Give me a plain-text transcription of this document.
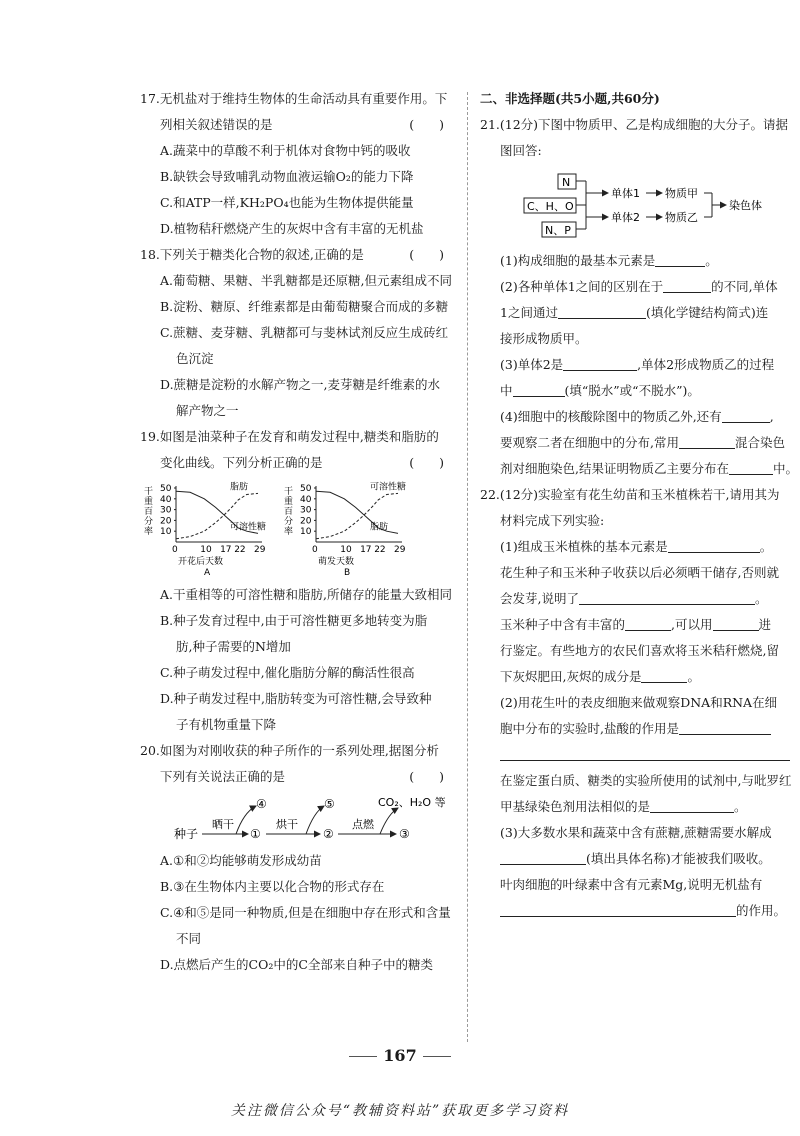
17.无机盐对于维持生物体的生命活动具有重要作用。下
列相关叙述错误的是	(　　)
A.蔬菜中的草酸不利于机体对食物中钙的吸收
B.缺铁会导致哺乳动物血液运输O₂的能力下降
C.和ATP一样,KH₂PO₄也能为生物体提供能量
D.植物秸秆燃烧产生的灰烬中含有丰富的无机盐
18.下列关于糖类化合物的叙述,正确的是	(　　)
A.葡萄糖、果糖、半乳糖都是还原糖,但元素组成不同
B.淀粉、糖原、纤维素都是由葡萄糖聚合而成的多糖
C.蔗糖、麦芽糖、乳糖都可与斐林试剂反应生成砖红
色沉淀
D.蔗糖是淀粉的水解产物之一,麦芽糖是纤维素的水
解产物之一
19.如图是油菜种子在发育和萌发过程中,糖类和脂肪的
变化曲线。下列分析正确的是	(　　)
干
重
百
分
率 10
20
30
40
50
0	10 17 22 29
脂肪
可溶性糖
开花后天数
A
干
重
百
分
率 10
20
30
40
50
0	10 17 22 29
可溶性糖
脂肪
萌发天数
B
A.干重相等的可溶性糖和脂肪,所储存的能量大致相同
B.种子发育过程中,由于可溶性糖更多地转变为脂
肪,种子需要的N增加
C.种子萌发过程中,催化脂肪分解的酶活性很高
D.种子萌发过程中,脂肪转变为可溶性糖,会导致种
子有机物重量下降
20.如图为对刚收获的种子所作的一系列处理,据图分析
下列有关说法正确的是	(　　)
种子
晒干
①
④
烘干
②
⑤
点燃
③
CO₂、H₂O 等
A.①和②均能够萌发形成幼苗
B.③在生物体内主要以化合物的形式存在
C.④和⑤是同一种物质,但是在细胞中存在形式和含量
不同
D.点燃后产生的CO₂中的C全部来自种子中的糖类
二、非选择题(共5小题,共60分)
21.(12分)下图中物质甲、乙是构成细胞的大分子。请据
图回答:
N
C、H、O
N、P
单体1
单体2
物质甲
物质乙
染色体
(1)构成细胞的最基本元素是	。
(2)各种单体1之间的区别在于	的不同,单体
1之间通过	(填化学键结构简式)连
接形成物质甲。
(3)单体2是	,单体2形成物质乙的过程
中	(填“脱水”或“不脱水”)。
(4)细胞中的核酸除图中的物质乙外,还有	,
要观察二者在细胞中的分布,常用	混合染色
剂对细胞染色,结果证明物质乙主要分布在	中。
22.(12分)实验室有花生幼苗和玉米植株若干,请用其为
材料完成下列实验:
(1)组成玉米植株的基本元素是	。
花生种子和玉米种子收获以后必须晒干储存,否则就
会发芽,说明了	。
玉米种子中含有丰富的	,可以用	进
行鉴定。有些地方的农民们喜欢将玉米秸秆燃烧,留
下灰烬肥田,灰烬的成分是	。
(2)用花生叶的表皮细胞来做观察DNA和RNA在细
胞中分布的实验时,盐酸的作用是
在鉴定蛋白质、糖类的实验所使用的试剂中,与吡罗红
甲基绿染色剂用法相似的是	。
(3)大多数水果和蔬菜中含有蔗糖,蔗糖需要水解成
(填出具体名称)才能被我们吸收。
叶肉细胞的叶绿素中含有元素Mg,说明无机盐有
的作用。
167
关注微信公众号“教辅资料站”获取更多学习资料
